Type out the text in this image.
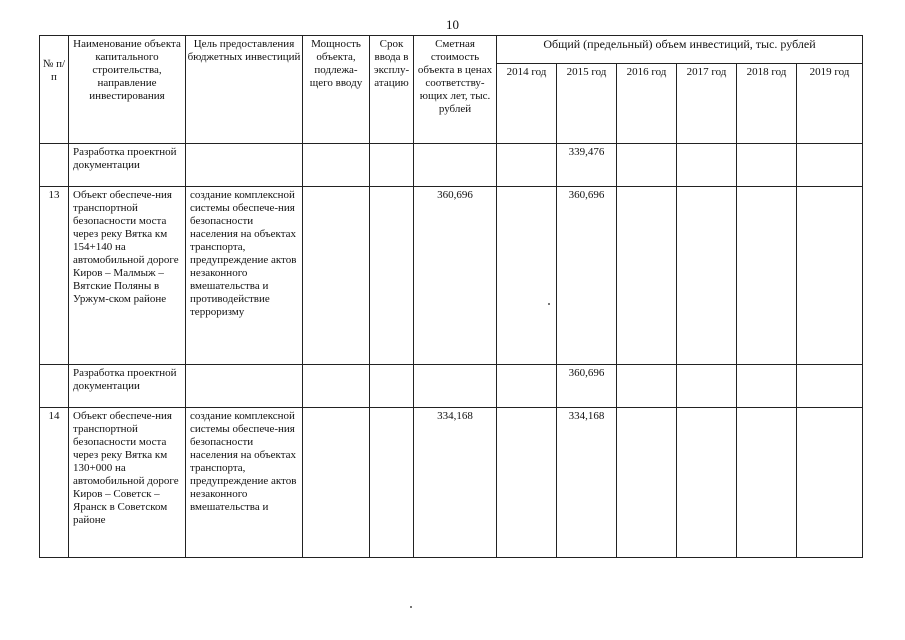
10
№ п/п	Наименование объекта капитального строительства, направление инвестирования	Цель предоставления бюджетных инвестиций	Мощность объекта, подлежа-щего вводу	Срок ввода в эксплу-атацию	Сметная стоимость объекта в ценах соответству-ющих лет, тыс. рублей	Общий (предельный) объем инвестиций, тыс. рублей					
						2014 год	2015 год	2016 год	2017 год	2018 год	2019 год
	Разработка проектной документации						339,476				
13	Объект обеспече-ния транспортной безопасности моста через реку Вятка км 154+140 на автомобильной дороге Киров – Малмыж – Вятские Поляны в Уржум-ском районе	создание комплексной системы обеспече-ния безопасности населения на объектах транспорта, предупреждение актов незаконного вмешательства и противодействие терроризму			360,696		360,696				
	Разработка проектной документации						360,696				
14	Объект обеспече-ния транспортной безопасности моста через реку Вятка км 130+000 на автомобильной дороге Киров – Советск – Яранск в Советском районе	создание комплексной системы обеспече-ния безопасности населения на объектах транспорта, предупреждение актов незаконного вмешательства и			334,168		334,168				
